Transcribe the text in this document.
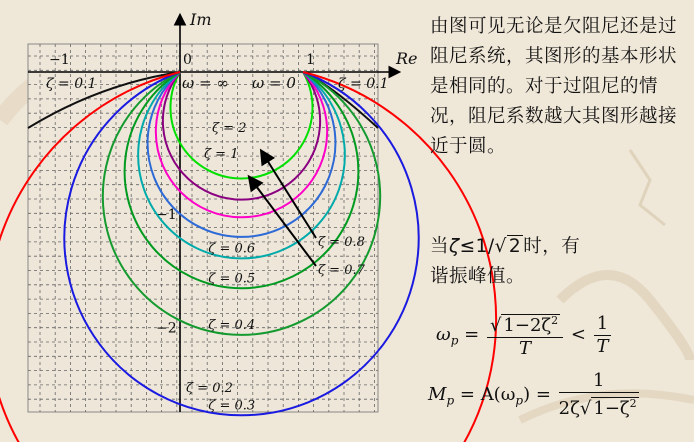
Im
Re
−1	0	1
−1
−2
ω = ∞ ω = 0
ζ = 0.1	ζ = 0.1
ζ = 2
ζ = 1
ζ = 0.8
ζ = 0.7
ζ = 0.6
ζ = 0.5
ζ = 0.4
ζ = 0.3
ζ = 0.2
由图可见无论是欠阻尼还是过阻尼系统，其图形的基本形状是相同的。对于过阻尼的情况，阻尼系数越大其图形越接近于圆。
当ζ≤1/√ 2 时，有
谐振峰值。
$\omega_p = \frac{√ 1-2\zeta^2}{T} < \frac{1}{T}$
$M_p = A(\omega_p) = \frac{1}{2\zeta√ 1-\zeta^2}$
